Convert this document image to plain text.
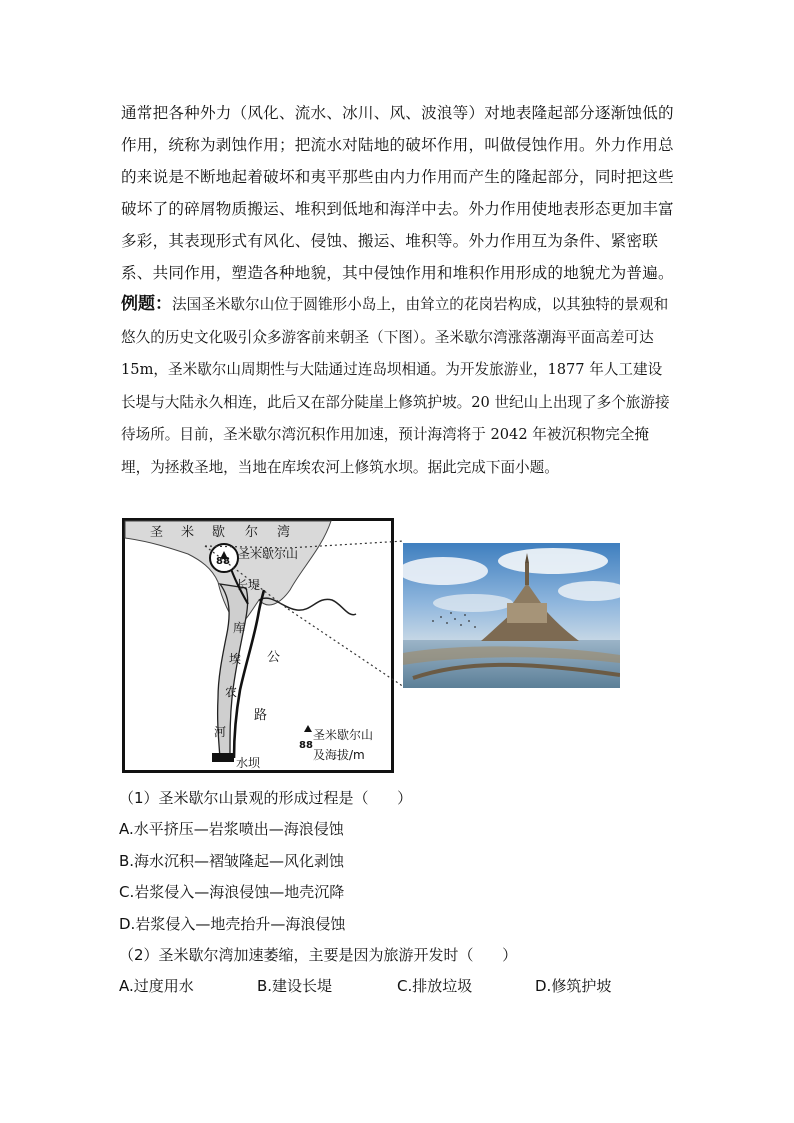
通常把各种外力（风化、流水、冰川、风、波浪等）对地表隆起部分逐渐蚀低的作用，统称为剥蚀作用；把流水对陆地的破坏作用，叫做侵蚀作用。外力作用总的来说是不断地起着破坏和夷平那些由内力作用而产生的隆起部分，同时把这些破坏了的碎屑物质搬运、堆积到低地和海洋中去。外力作用使地表形态更加丰富多彩，其表现形式有风化、侵蚀、搬运、堆积等。外力作用互为条件、紧密联系、共同作用，塑造各种地貌，其中侵蚀作用和堆积作用形成的地貌尤为普遍。

例题：法国圣米歇尔山位于圆锥形小岛上，由耸立的花岗岩构成，以其独特的景观和悠久的历史文化吸引众多游客前来朝圣（下图）。圣米歇尔湾涨落潮海平面高差可达 15m，圣米歇尔山周期性与大陆通过连岛坝相通。为开发旅游业，1877 年人工建设长堤与大陆永久相连，此后又在部分陡崖上修筑护坡。20 世纪山上出现了多个旅游接待场所。目前，圣米歇尔湾沉积作用加速，预计海湾将于 2042 年被沉积物完全掩埋，为拯救圣地，当地在库埃农河上修筑水坝。据此完成下面小题。

圣 米 歇 尔 湾
圣米歇尔山
88
长堤
库
埃
农
河
公
路
水坝
圣米歇尔山
88
及海拔/m
（1）圣米歇尔山景观的形成过程是（      ）
A.水平挤压—岩浆喷出—海浪侵蚀
B.海水沉积—褶皱隆起—风化剥蚀
C.岩浆侵入—海浪侵蚀—地壳沉降
D.岩浆侵入—地壳抬升—海浪侵蚀
（2）圣米歇尔湾加速萎缩，主要是因为旅游开发时（      ）
A.过度用水	B.建设长堤	C.排放垃圾	D.修筑护坡
